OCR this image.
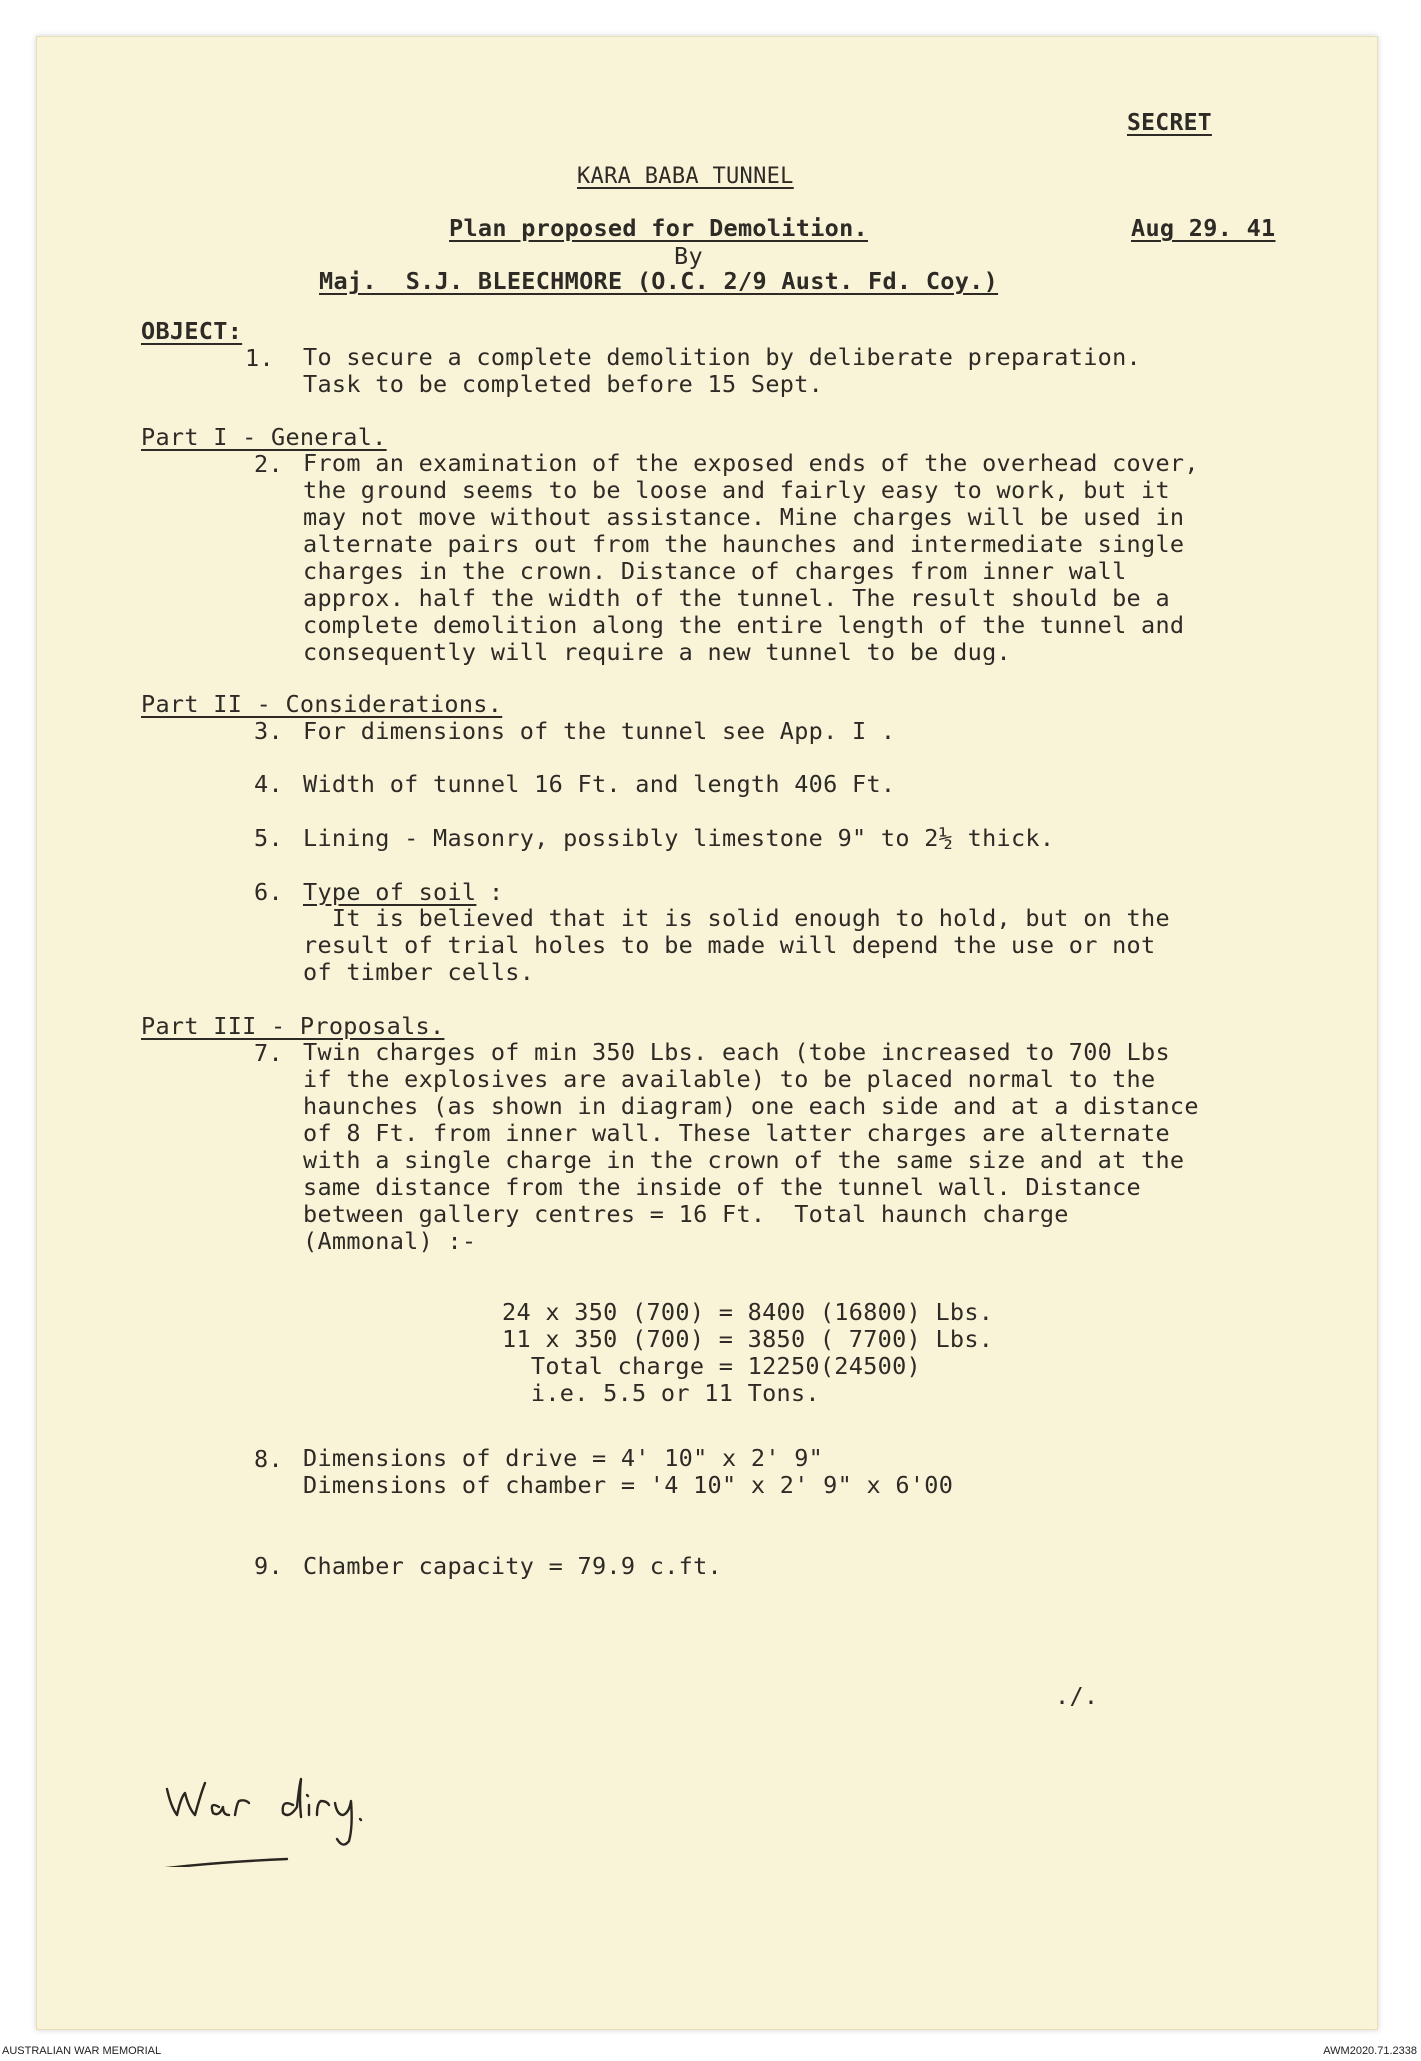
SECRET
KARA BABA TUNNEL
Plan proposed for Demolition.	Aug 29. 41
By
Maj.  S.J. BLEECHMORE (O.C. 2/9 Aust. Fd. Coy.)
OBJECT:
1. To secure a complete demolition by deliberate preparation.
Task to be completed before 15 Sept.
Part I - General.
2. From an examination of the exposed ends of the overhead cover,
the ground seems to be loose and fairly easy to work, but it
may not move without assistance. Mine charges will be used in
alternate pairs out from the haunches and intermediate single
charges in the crown. Distance of charges from inner wall
approx. half the width of the tunnel. The result should be a
complete demolition along the entire length of the tunnel and
consequently will require a new tunnel to be dug.
Part II - Considerations.
3. For dimensions of the tunnel see App. I .
4. Width of tunnel 16 Ft. and length 406 Ft.
5. Lining - Masonry, possibly limestone 9" to 2½ thick.
6. Type of soil :
It is believed that it is solid enough to hold, but on the
result of trial holes to be made will depend the use or not
of timber cells.
Part III - Proposals.
7. Twin charges of min 350 Lbs. each (tobe increased to 700 Lbs
if the explosives are available) to be placed normal to the
haunches (as shown in diagram) one each side and at a distance
of 8 Ft. from inner wall. These latter charges are alternate
with a single charge in the crown of the same size and at the
same distance from the inside of the tunnel wall. Distance
between gallery centres = 16 Ft.  Total haunch charge
(Ammonal) :-
24 x 350 (700) = 8400 (16800) Lbs.
11 x 350 (700) = 3850 ( 7700) Lbs.
Total charge = 12250(24500)
i.e. 5.5 or 11 Tons.
8. Dimensions of drive = 4' 10" x 2' 9"
Dimensions of chamber = '4 10" x 2' 9" x 6'00
9. Chamber capacity = 79.9 c.ft.
./.
War diary.
AUSTRALIAN WAR MEMORIAL	AWM2020.71.2338
